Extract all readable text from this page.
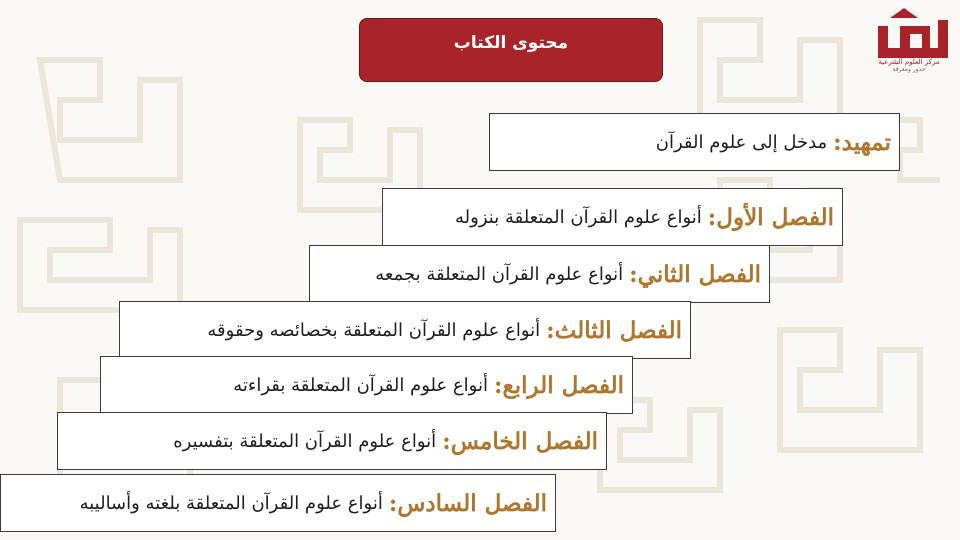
مركز العلوم الشرعية
جذور ومعرفة
محتوى الكتاب
تمهيد
:
مدخل إلى علوم القرآن
الفصل الأول
:
أنواع علوم القرآن المتعلقة بنزوله
الفصل الثاني
:
أنواع علوم القرآن المتعلقة بجمعه
الفصل الثالث
:
أنواع علوم القرآن المتعلقة بخصائصه وحقوقه
الفصل الرابع
:
أنواع علوم القرآن المتعلقة بقراءته
الفصل الخامس
:
أنواع علوم القرآن المتعلقة بتفسيره
الفصل السادس
:
أنواع علوم القرآن المتعلقة بلغته وأساليبه
